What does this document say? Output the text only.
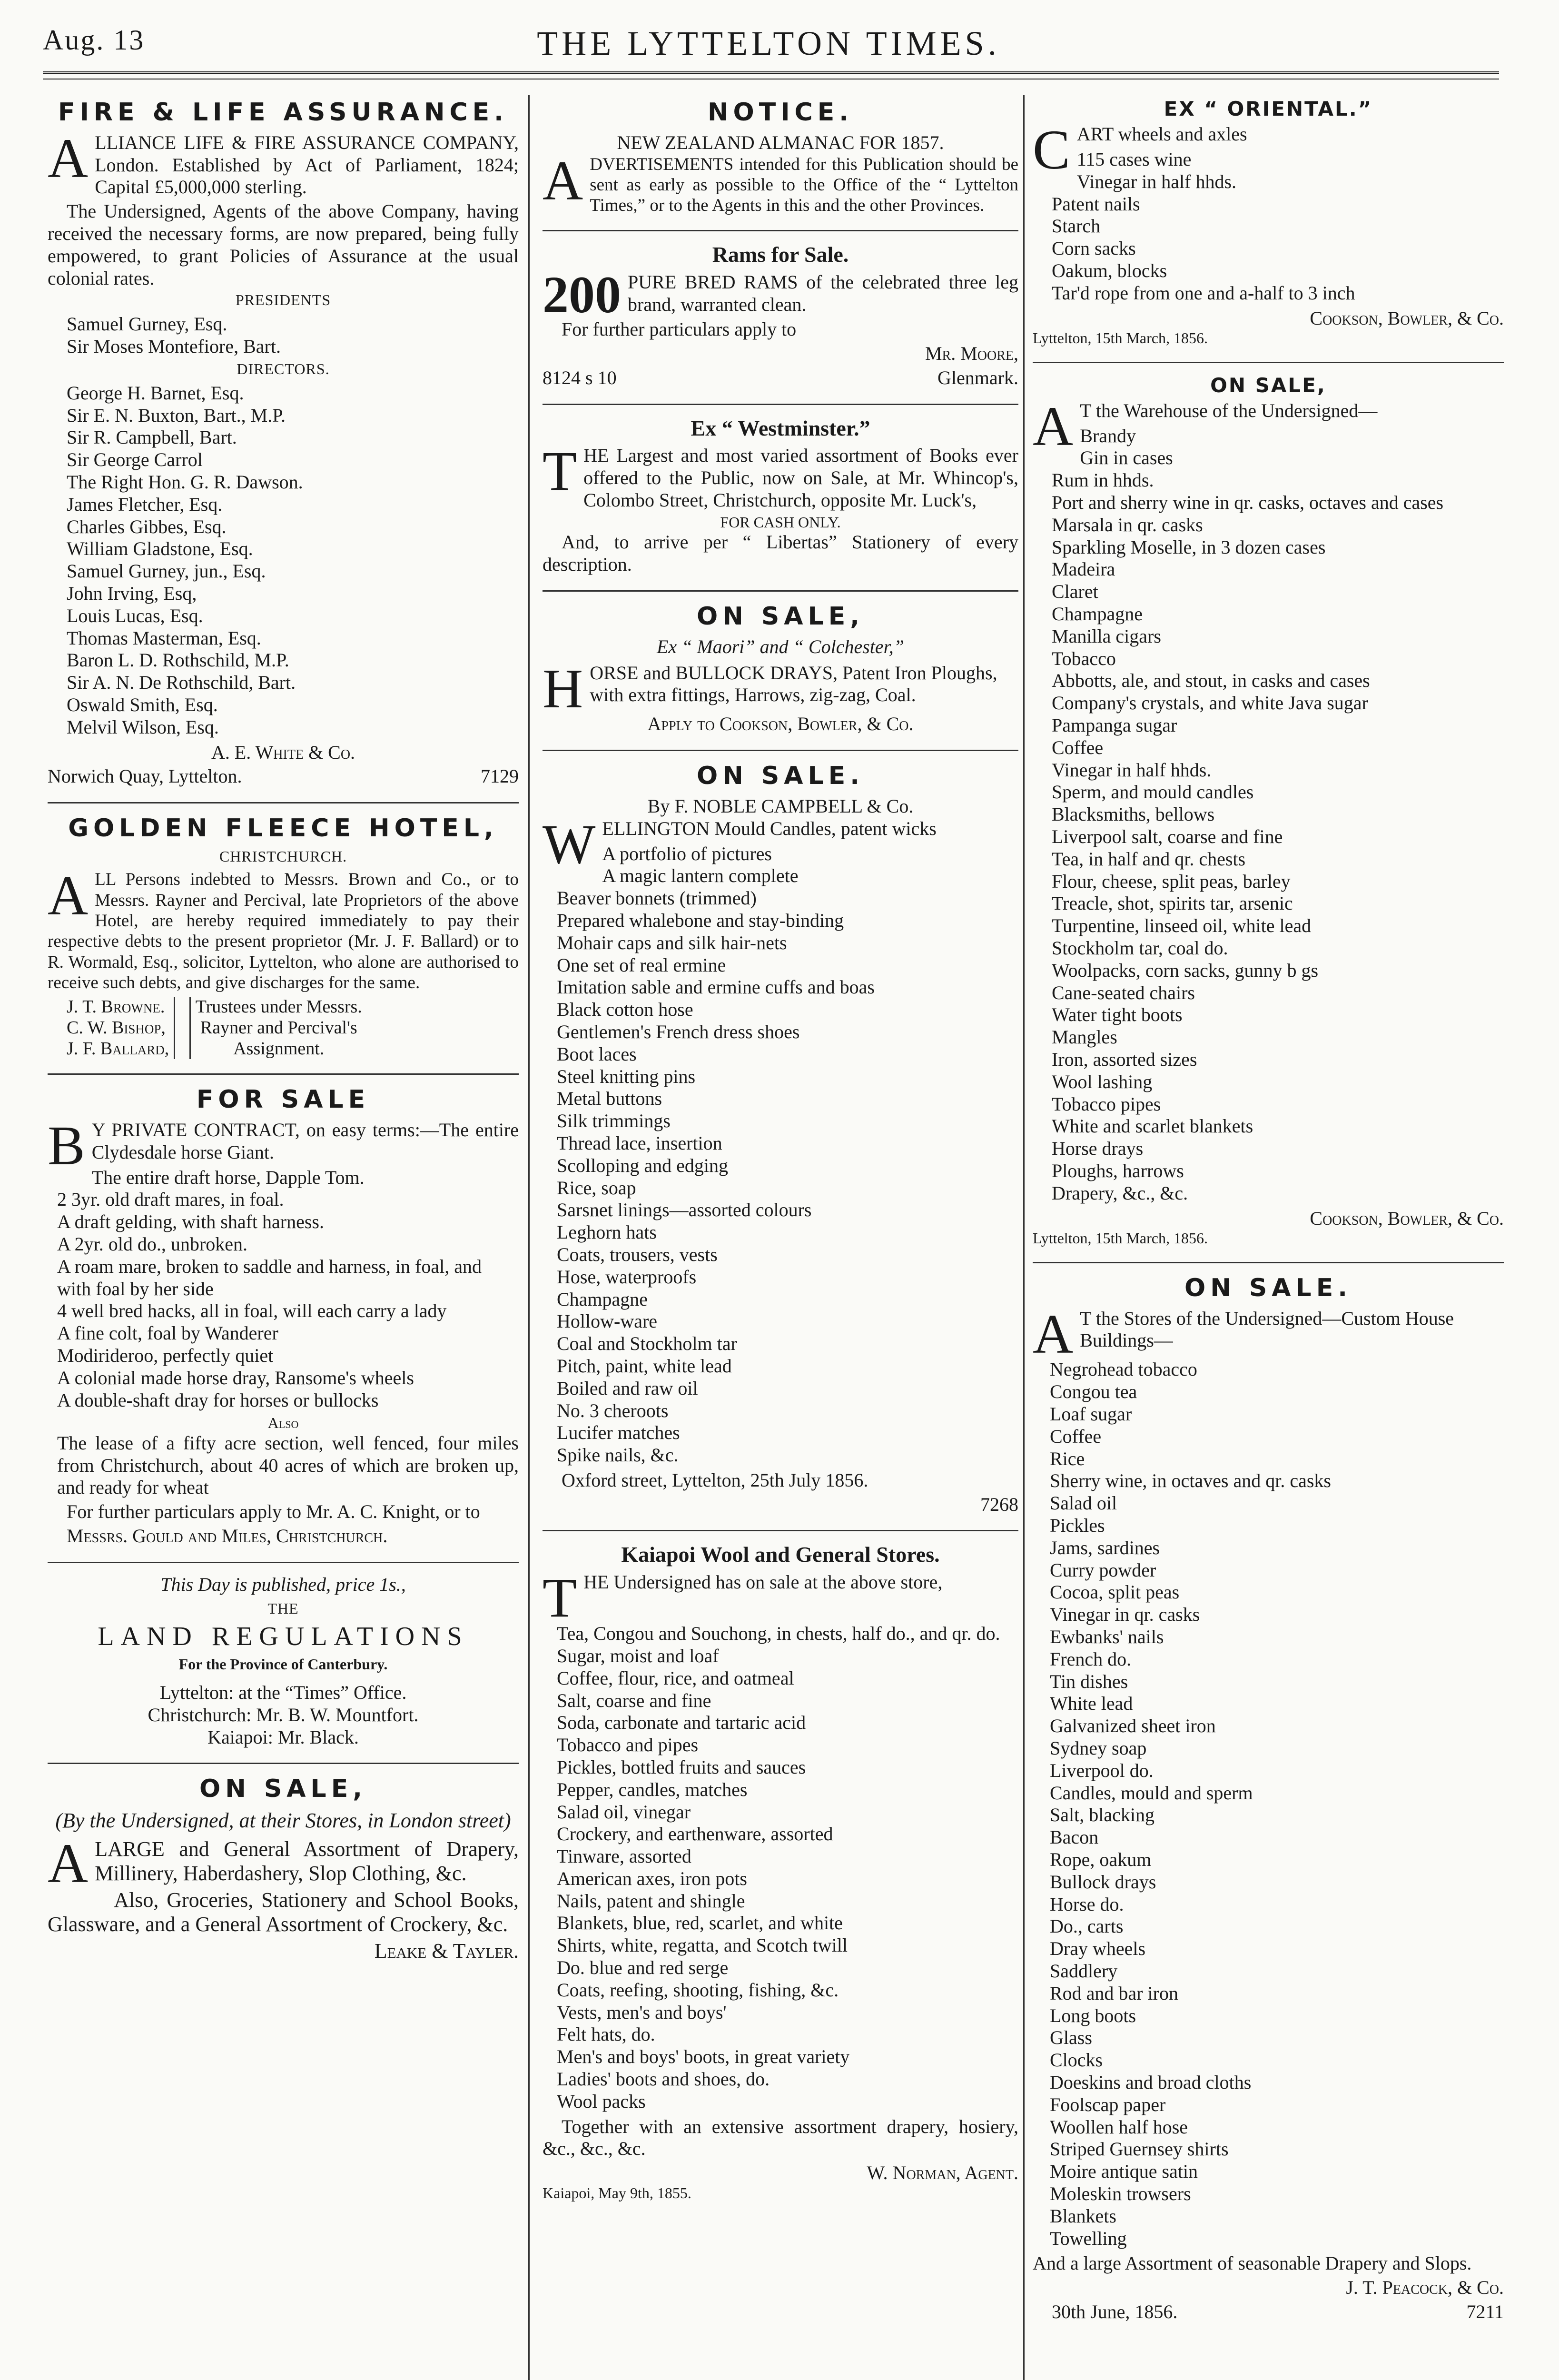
Aug. 13	THE LYTTELTON TIMES.
FIRE & LIFE ASSURANCE.
A LLIANCE LIFE & FIRE ASSURANCE COMPANY, London. Established by Act of Parliament, 1824; Capital £5,000,000 sterling.
The Undersigned, Agents of the above Company, having received the necessary forms, are now prepared, being fully empowered, to grant Policies of Assurance at the usual colonial rates.
PRESIDENTS
Samuel Gurney, Esq.
Sir Moses Montefiore, Bart.
DIRECTORS.
George H. Barnet, Esq.
Sir E. N. Buxton, Bart., M.P.
Sir R. Campbell, Bart.
Sir George Carrol
The Right Hon. G. R. Dawson.
James Fletcher, Esq.
Charles Gibbes, Esq.
William Gladstone, Esq.
Samuel Gurney, jun., Esq.
John Irving, Esq,
Louis Lucas, Esq.
Thomas Masterman, Esq.
Baron L. D. Rothschild, M.P.
Sir A. N. De Rothschild, Bart.
Oswald Smith, Esq.
Melvil Wilson, Esq.
A. E. White & Co.
Norwich Quay, Lyttelton.	7129
GOLDEN FLEECE HOTEL,
CHRISTCHURCH.
A LL Persons indebted to Messrs. Brown and Co., or to Messrs. Rayner and Percival, late Proprietors of the above Hotel, are hereby required immediately to pay their respective debts to the present proprietor (Mr. J. F. Ballard) or to R. Wormald, Esq., solicitor, Lyttelton, who alone are authorised to receive such debts, and give discharges for the same.
J. T. Browne.
C. W. Bishop,
J. F. Ballard,

Trustees under Messrs.
Rayner and Percival's
Assignment.
FOR SALE
B Y PRIVATE CONTRACT, on easy terms:—The entire Clydesdale horse Giant.
The entire draft horse, Dapple Tom.
2 3yr. old draft mares, in foal.
A draft gelding, with shaft harness.
A 2yr. old do., unbroken.
A roam mare, broken to saddle and harness, in foal, and with foal by her side
4 well bred hacks, all in foal, will each carry a lady
A fine colt, foal by Wanderer
Modirideroo, perfectly quiet
A colonial made horse dray, Ransome's wheels
A double-shaft dray for horses or bullocks
Also
The lease of a fifty acre section, well fenced, four miles from Christchurch, about 40 acres of which are broken up, and ready for wheat
For further particulars apply to Mr. A. C. Knight, or to
Messrs. Gould and Miles, Christchurch.
This Day is published, price 1s.,
THE
LAND REGULATIONS
For the Province of Canterbury.
Lyttelton: at the “Times” Office.
Christchurch: Mr. B. W. Mountfort.
Kaiapoi: Mr. Black.
ON SALE,
(By the Undersigned, at their Stores, in London street)
A LARGE and General Assortment of Drapery, Millinery, Haberdashery, Slop Clothing, &c.
Also, Groceries, Stationery and School Books, Glassware, and a General Assortment of Crockery, &c.
Leake & Tayler.
NOTICE.
NEW ZEALAND ALMANAC FOR 1857.
A DVERTISEMENTS intended for this Publication should be sent as early as possible to the Office of the “ Lyttelton Times,” or to the Agents in this and the other Provinces.
Rams for Sale.
200 PURE BRED RAMS of the celebrated three leg brand, warranted clean.
For further particulars apply to
Mr. Moore,
8124 s 10	Glenmark.
Ex “ Westminster.”
T HE Largest and most varied assortment of Books ever offered to the Public, now on Sale, at Mr. Whincop's, Colombo Street, Christchurch, opposite Mr. Luck's,
FOR CASH ONLY.
And, to arrive per “ Libertas” Stationery of every description.
ON SALE,
Ex “ Maori” and “ Colchester,”
H ORSE and BULLOCK DRAYS, Patent Iron Ploughs, with extra fittings, Harrows, zig-zag, Coal.
Apply to Cookson, Bowler, & Co.
ON SALE.
By F. NOBLE CAMPBELL & Co.
W ELLINGTON Mould Candles, patent wicks
A portfolio of pictures
A magic lantern complete
Beaver bonnets (trimmed)
Prepared whalebone and stay-binding
Mohair caps and silk hair-nets
One set of real ermine
Imitation sable and ermine cuffs and boas
Black cotton hose
Gentlemen's French dress shoes
Boot laces
Steel knitting pins
Metal buttons
Silk trimmings
Thread lace, insertion
Scolloping and edging
Rice, soap
Sarsnet linings—assorted colours
Leghorn hats
Coats, trousers, vests
Hose, waterproofs
Champagne
Hollow-ware
Coal and Stockholm tar
Pitch, paint, white lead
Boiled and raw oil
No. 3 cheroots
Lucifer matches
Spike nails, &c.
Oxford street, Lyttelton, 25th July 1856.
7268
Kaiapoi Wool and General Stores.
T HE Undersigned has on sale at the above store,
Tea, Congou and Souchong, in chests, half do., and qr. do.
Sugar, moist and loaf
Coffee, flour, rice, and oatmeal
Salt, coarse and fine
Soda, carbonate and tartaric acid
Tobacco and pipes
Pickles, bottled fruits and sauces
Pepper, candles, matches
Salad oil, vinegar
Crockery, and earthenware, assorted
Tinware, assorted
American axes, iron pots
Nails, patent and shingle
Blankets, blue, red, scarlet, and white
Shirts, white, regatta, and Scotch twill
Do. blue and red serge
Coats, reefing, shooting, fishing, &c.
Vests, men's and boys'
Felt hats, do.
Men's and boys' boots, in great variety
Ladies' boots and shoes, do.
Wool packs
Together with an extensive assortment drapery, hosiery, &c., &c., &c.
W. Norman, Agent.
Kaiapoi, May 9th, 1855.
EX “ ORIENTAL.”
C ART wheels and axles
115 cases wine
Vinegar in half hhds.
Patent nails
Starch
Corn sacks
Oakum, blocks
Tar'd rope from one and a-half to 3 inch
Cookson, Bowler, & Co.
Lyttelton, 15th March, 1856.
ON SALE,
A T the Warehouse of the Undersigned—
Brandy
Gin in cases
Rum in hhds.
Port and sherry wine in qr. casks, octaves and cases
Marsala in qr. casks
Sparkling Moselle, in 3 dozen cases
Madeira
Claret
Champagne
Manilla cigars
Tobacco
Abbotts, ale, and stout, in casks and cases
Company's crystals, and white Java sugar
Pampanga sugar
Coffee
Vinegar in half hhds.
Sperm, and mould candles
Blacksmiths, bellows
Liverpool salt, coarse and fine
Tea, in half and qr. chests
Flour, cheese, split peas, barley
Treacle, shot, spirits tar, arsenic
Turpentine, linseed oil, white lead
Stockholm tar, coal do.
Woolpacks, corn sacks, gunny b gs
Cane-seated chairs
Water tight boots
Mangles
Iron, assorted sizes
Wool lashing
Tobacco pipes
White and scarlet blankets
Horse drays
Ploughs, harrows
Drapery, &c., &c.
Cookson, Bowler, & Co.
Lyttelton, 15th March, 1856.
ON SALE.
A T the Stores of the Undersigned—Custom House Buildings—
Negrohead tobacco
Congou tea
Loaf sugar
Coffee
Rice
Sherry wine, in octaves and qr. casks
Salad oil
Pickles
Jams, sardines
Curry powder
Cocoa, split peas
Vinegar in qr. casks
Ewbanks' nails
French do.
Tin dishes
White lead
Galvanized sheet iron
Sydney soap
Liverpool do.
Candles, mould and sperm
Salt, blacking
Bacon
Rope, oakum
Bullock drays
Horse do.
Do., carts
Dray wheels
Saddlery
Rod and bar iron
Long boots
Glass
Clocks
Doeskins and broad cloths
Foolscap paper
Woollen half hose
Striped Guernsey shirts
Moire antique satin
Moleskin trowsers
Blankets
Towelling
And a large Assortment of seasonable Drapery and Slops.
J. T. Peacock, & Co.
30th June, 1856.	7211
